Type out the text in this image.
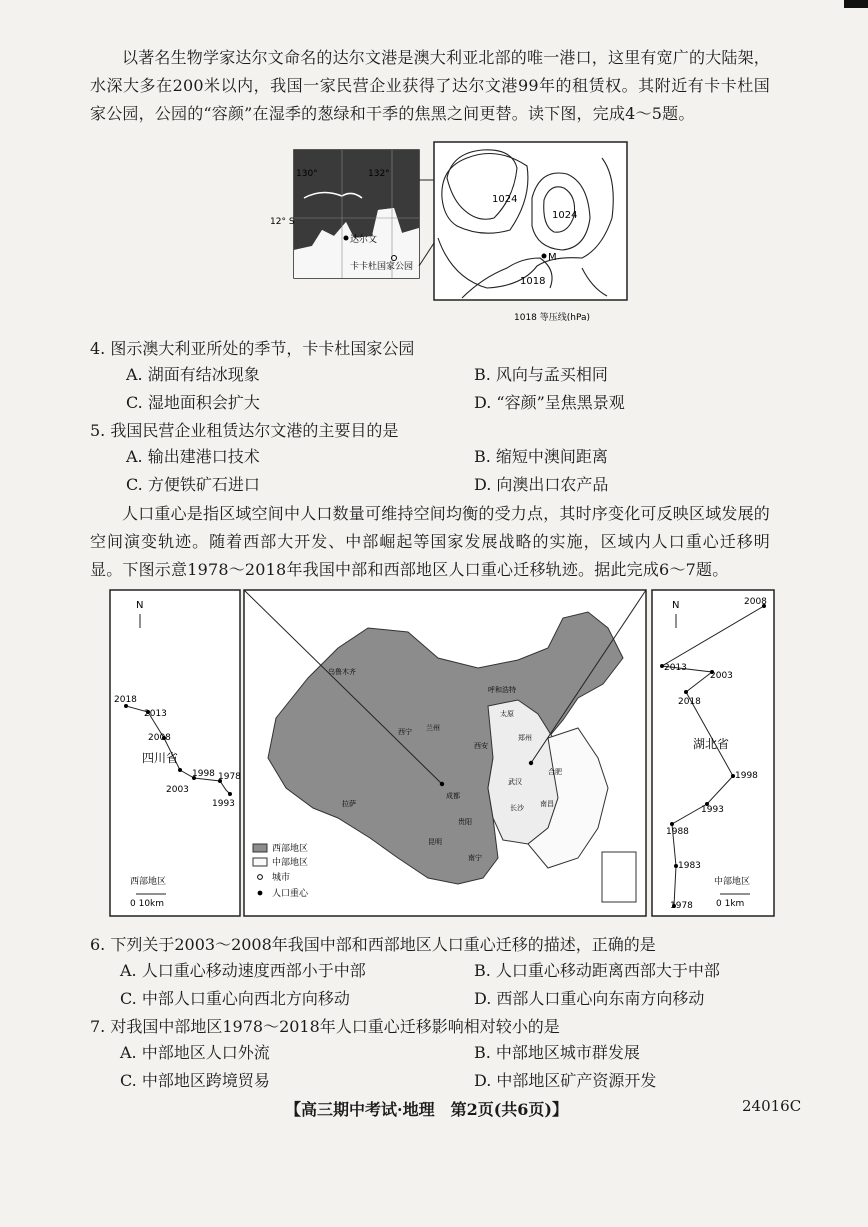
以著名生物学家达尔文命名的达尔文港是澳大利亚北部的唯一港口，这里有宽广的大陆架，水深大多在200米以内，我国一家民营企业获得了达尔文港99年的租赁权。其附近有卡卡杜国家公园，公园的“容颜”在湿季的葱绿和干季的焦黑之间更替。读下图，完成4～5题。
130°	132°
12° S
达尔文
卡卡杜国家公园
1024
1024
1018
M
1018 等压线(hPa)
4. 图示澳大利亚所处的季节，卡卡杜国家公园
A. 湖面有结冰现象	B. 风向与孟买相同
C. 湿地面积会扩大	D. “容颜”呈焦黑景观
5. 我国民营企业租赁达尔文港的主要目的是
A. 输出建港口技术	B. 缩短中澳间距离
C. 方便铁矿石进口	D. 向澳出口农产品
人口重心是指区域空间中人口数量可维持空间均衡的受力点，其时序变化可反映区域发展的空间演变轨迹。随着西部大开发、中部崛起等国家发展战略的实施，区域内人口重心迁移明显。下图示意1978～2018年我国中部和西部地区人口重心迁移轨迹。据此完成6～7题。
N
2018
2013
2008
1998 1978
2003
1993
四川省
西部地区
0 10km
乌鲁木齐
呼和浩特
太原
郑州
西安
兰州
西宁
成都
武汉
合肥
长沙 南昌
贵阳
昆明
南宁
拉萨
西部地区
中部地区
城市
人口重心
N	2008
2013
2003
2018
1998
1993
1988
1983
1978
湖北省
中部地区
0 1km
6. 下列关于2003～2008年我国中部和西部地区人口重心迁移的描述，正确的是
A. 人口重心移动速度西部小于中部	B. 人口重心移动距离西部大于中部
C. 中部人口重心向西北方向移动	D. 西部人口重心向东南方向移动
7. 对我国中部地区1978～2018年人口重心迁移影响相对较小的是
A. 中部地区人口外流	B. 中部地区城市群发展
C. 中部地区跨境贸易	D. 中部地区矿产资源开发
【高三期中考试·地理　第2页(共6页)】	24016C
